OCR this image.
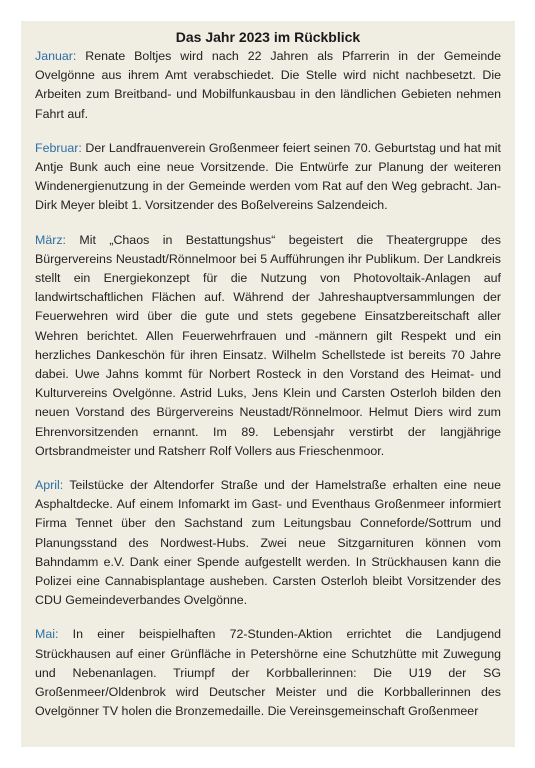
Das Jahr 2023 im Rückblick
Januar: Renate Boltjes wird nach 22 Jahren als Pfarrerin in der Gemeinde Ovelgönne aus ihrem Amt verabschiedet. Die Stelle wird nicht nachbesetzt. Die Arbeiten zum Breitband- und Mobilfunkausbau in den ländlichen Gebieten nehmen Fahrt auf.
Februar: Der Landfrauenverein Großenmeer feiert seinen 70. Geburtstag und hat mit Antje Bunk auch eine neue Vorsitzende. Die Entwürfe zur Planung der weiteren Windenergienutzung in der Gemeinde werden vom Rat auf den Weg gebracht. Jan-Dirk Meyer bleibt 1. Vorsitzender des Boßelvereins Salzendeich.
März: Mit „Chaos in Bestattungshus“ begeistert die Theatergruppe des Bürgervereins Neustadt/Rönnelmoor bei 5 Aufführungen ihr Publikum. Der Landkreis stellt ein Energiekonzept für die Nutzung von Photovoltaik-Anlagen auf landwirtschaftlichen Flächen auf. Während der Jahreshauptversammlungen der Feuerwehren wird über die gute und stets gegebene Einsatzbereitschaft aller Wehren berichtet. Allen Feuerwehrfrauen und -männern gilt Respekt und ein herzliches Dankeschön für ihren Einsatz. Wilhelm Schellstede ist bereits 70 Jahre dabei. Uwe Jahns kommt für Norbert Rosteck in den Vorstand des Heimat- und Kulturvereins Ovelgönne. Astrid Luks, Jens Klein und Carsten Osterloh bilden den neuen Vorstand des Bürgervereins Neustadt/Rönnelmoor. Helmut Diers wird zum Ehrenvorsitzenden ernannt. Im 89. Lebensjahr verstirbt der langjährige Ortsbrandmeister und Ratsherr Rolf Vollers aus Frieschenmoor.
April: Teilstücke der Altendorfer Straße und der Hamelstraße erhalten eine neue Asphaltdecke. Auf einem Infomarkt im Gast- und Eventhaus Großenmeer informiert Firma Tennet über den Sachstand zum Leitungsbau Conneforde/Sottrum und Planungsstand des Nordwest-Hubs. Zwei neue Sitzgarnituren können vom Bahndamm e.V. Dank einer Spende aufgestellt werden. In Strückhausen kann die Polizei eine Cannabisplantage ausheben. Carsten Osterloh bleibt Vorsitzender des CDU Gemeindeverbandes Ovelgönne.
Mai: In einer beispielhaften 72-Stunden-Aktion errichtet die Landjugend Strückhausen auf einer Grünfläche in Petershörne eine Schutzhütte mit Zuwegung und Nebenanlagen. Triumpf der Korbballerinnen: Die U19 der SG Großenmeer/Oldenbrok wird Deutscher Meister und die Korbballerinnen des Ovelgönner TV holen die Bronzemedaille. Die Vereinsgemeinschaft Großenmeer
